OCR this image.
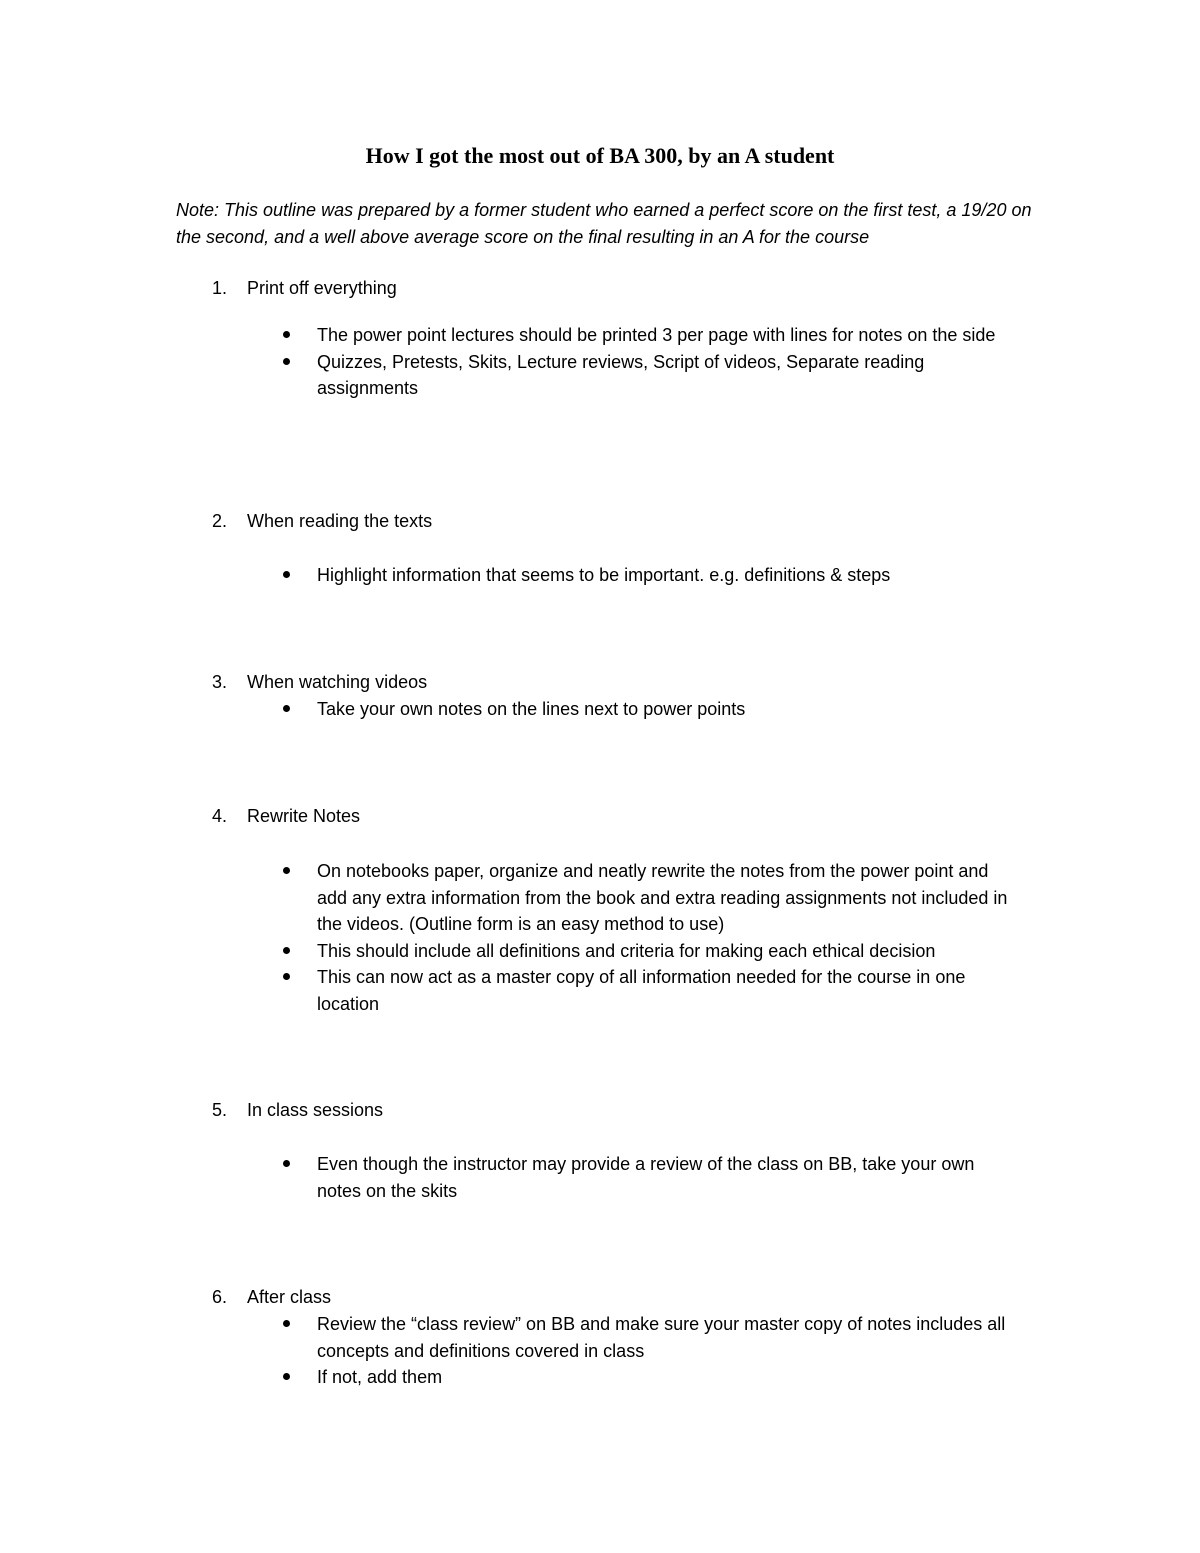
How I got the most out of BA 300, by an A student

Note: This outline was prepared by a former student who earned a perfect score on the first test, a 19/20 on the second, and a well above average score on the final resulting in an A for the course

1. Print off everything
The power point lectures should be printed 3 per page with lines for notes on the side
Quizzes, Pretests, Skits, Lecture reviews, Script of videos, Separate reading assignments
2. When reading the texts
Highlight information that seems to be important. e.g. definitions & steps
3. When watching videos
Take your own notes on the lines next to power points
4. Rewrite Notes
On notebooks paper, organize and neatly rewrite the notes from the power point and add any extra information from the book and extra reading assignments not included in the videos. (Outline form is an easy method to use)
This should include all definitions and criteria for making each ethical decision
This can now act as a master copy of all information needed for the course in one location
5. In class sessions
Even though the instructor may provide a review of the class on BB, take your own notes on the skits
6. After class
Review the “class review” on BB and make sure your master copy of notes includes all concepts and definitions covered in class
If not, add them
